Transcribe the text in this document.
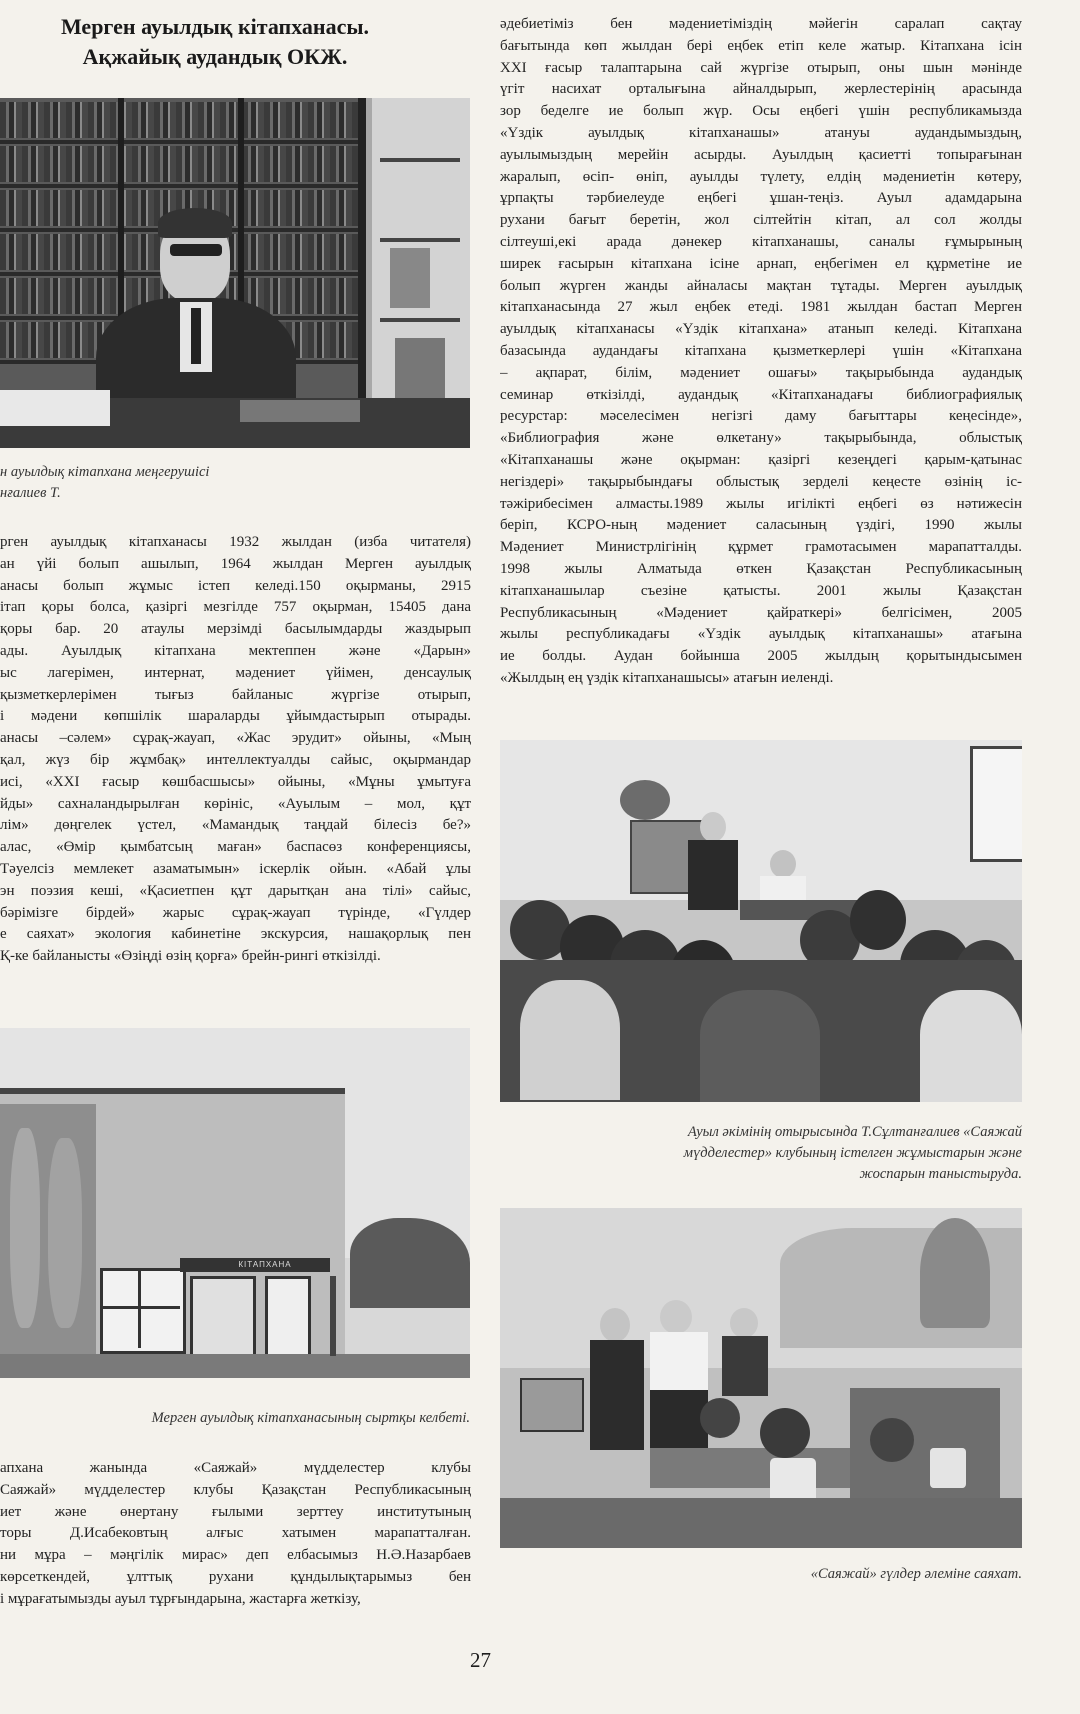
Мерген ауылдық кітапханасы.
Ақжайық аудандық ОКЖ.
н ауылдық кітапхана меңгерушісі
нғалиев Т.
рген ауылдық кітапханасы 1932 жылдан (изба читателя)
ан үйі болып ашылып, 1964 жылдан Мерген ауылдық
анасы болып жұмыс істеп келеді.150 оқырманы, 2915
ітап қоры болса, қазіргі мезгілде 757 оқырман, 15405 дана
қоры бар. 20 атаулы мерзімді басылымдарды жаздырып
ады. Ауылдық кітапхана мектеппен және «Дарын»
ыс лагерімен, интернат, мәдениет үйімен, денсаулық
қызметкерлерімен тығыз байланыс жүргізе отырып,
і мәдени көпшілік шараларды ұйымдастырып отырады.
анасы –сәлем» сұрақ-жауап, «Жас эрудит» ойыны, «Мың
қал, жүз бір жұмбақ» интеллектуалды сайыс, оқырмандар
исі, «XXI ғасыр көшбасшысы» ойыны, «Мұны ұмытуға
йды» сахналандырылған көрініс, «Ауылым – мол, құт
лім» дөңгелек үстел, «Мамандық таңдай білесіз бе?»
алас, «Өмір қымбатсың маған» баспасөз конференциясы,
Тәуелсіз мемлекет азаматымын» іскерлік ойын. «Абай ұлы
эн поэзия кеші, «Қасиетпен құт дарытқан ана тілі» сайыс,
бәрімізге бірдей» жарыс сұрақ-жауап түрінде, «Гүлдер
е саяхат» экология кабинетіне экскурсия, нашақорлық пен
Қ-ке байланысты «Өзіңді өзің қорға» брейн-рингі өткізілді.
КІТАПХАНА
Мерген ауылдық кітапханасының сыртқы келбеті.
апхана жанында «Саяжай» мүдделестер клубы
Саяжай» мүдделестер клубы Қазақстан Республикасының
иет және өнертану ғылыми зерттеу институтының
торы Д.Исабековтың алғыс хатымен марапатталған.
ни мұра – мәңгілік мирас» деп елбасымыз Н.Ә.Назарбаев
көрсеткендей, ұлттық рухани құндылықтарымыз бен
і мұрағатымызды ауыл тұрғындарына, жастарға жеткізу,
әдебиетіміз бен мәдениетіміздің мәйегін саралап сақтау
бағытында көп жылдан бері еңбек етіп келе жатыр. Кітапхана ісін
XXI ғасыр талаптарына сай жүргізе отырып, оны шын мәнінде
үгіт насихат орталығына айналдырып, жерлестерінің арасында
зор беделге ие болып жүр. Осы еңбегі үшін республикамызда
«Үздік ауылдық кітапханашы» атануы аудандымыздың,
ауылымыздың мерейін асырды. Ауылдың қасиетті топырағынан
жаралып, өсіп- өніп, ауылды түлету, елдің мәдениетін көтеру,
ұрпақты тәрбиелеуде еңбегі ұшан-теңіз. Ауыл адамдарына
рухани бағыт беретін, жол сілтейтін кітап, ал сол жолды
сілтеуші,екі арада дәнекер кітапханашы, саналы ғұмырының
ширек ғасырын кітапхана ісіне арнап, еңбегімен ел құрметіне ие
болып жүрген жанды айналасы мақтан тұтады. Мерген ауылдық
кітапханасында 27 жыл еңбек етеді. 1981 жылдан бастап Мерген
ауылдық кітапханасы «Үздік кітапхана» атанып келеді. Кітапхана
базасында аудандағы кітапхана қызметкерлері үшін «Кітапхана
– ақпарат, білім, мәдениет ошағы» тақырыбында аудандық
семинар өткізілді, аудандық «Кітапханадағы библиографиялық
ресурстар: мәселесімен негізгі даму бағыттары кеңесінде»,
«Библиография және өлкетану» тақырыбында, облыстық
«Кітапханашы және оқырман: қазіргі кезеңдегі қарым-қатынас
негіздері» тақырыбындағы облыстық зерделі кеңесте өзінің іс-
тәжірибесімен алмасты.1989 жылы игілікті еңбегі өз нәтижесін
беріп, КСРО-ның мәдениет саласының үздігі, 1990 жылы
Мәдениет Министрлігінің құрмет грамотасымен марапатталды.
1998 жылы Алматыда өткен Қазақстан Республикасының
кітапханашылар съезіне қатысты. 2001 жылы Қазақстан
Республикасының «Мәдениет қайраткері» белгісімен, 2005
жылы республикадағы «Үздік ауылдық кітапханашы» атағына
ие болды. Аудан бойынша 2005 жылдың қорытындысымен
«Жылдың ең үздік кітапханашысы» атағын иеленді.
Ауыл әкімінің отырысында Т.Сұлтанғалиев «Саяжай
мүдделестер» клубының істелген жұмыстарын және
жоспарын таныстыруда.
«Саяжай» гүлдер әлеміне саяхат.
27
